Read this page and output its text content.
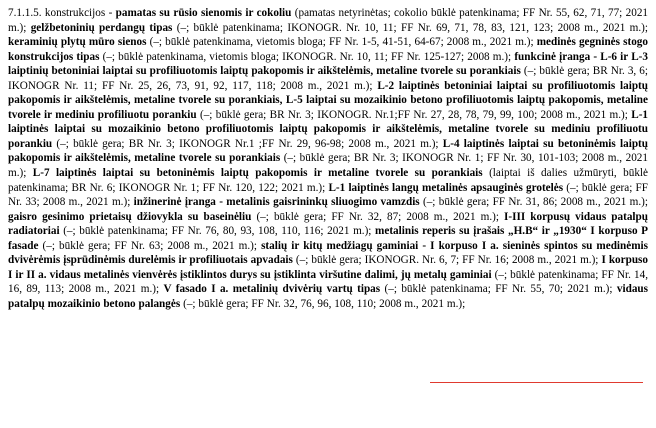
7.1.1.5. konstrukcijos - pamatas su rūsio sienomis ir cokoliu (pamatas netyrinėtas; cokolio būklė patenkinama; FF Nr. 55, 62, 71, 77; 2021 m.); gelžbetoninių perdangų tipas (–; būklė patenkinama; IKONOGR. Nr. 10, 11; FF Nr. 69, 71, 78, 83, 121, 123; 2008 m., 2021 m.); keraminių plytų mūro sienos (–; būklė patenkinama, vietomis bloga; FF Nr. 1-5, 41-51, 64-67; 2008 m., 2021 m.); medinės gegninės stogo konstrukcijos tipas (–; būklė patenkinama, vietomis bloga; IKONOGR. Nr. 10, 11; FF Nr. 125-127; 2008 m.); funkcinė įranga - L-6 ir L-3 laiptinių betoniniai laiptai su profiliuotomis laiptų pakopomis ir aikštelėmis, metaline tvorele su porankiais (–; būklė gera; BR Nr. 3, 6; IKONOGR Nr. 11; FF Nr. 25, 26, 73, 91, 92, 117, 118; 2008 m., 2021 m.); L-2 laiptinės betoniniai laiptai su profiliuotomis laiptų pakopomis ir aikštelėmis, metaline tvorele su porankiais, L-5 laiptai su mozaikinio betono profiliuotomis laiptų pakopomis, metaline tvorele ir mediniu profiliuotu porankiu (–; būklė gera; BR Nr. 3; IKONOGR. Nr.1;FF Nr. 27, 28, 78, 79, 99, 100; 2008 m., 2021 m.); L-1 laiptinės laiptai su mozaikinio betono profiliuotomis laiptų pakopomis ir aikštelėmis, metaline tvorele su mediniu profiliuotu porankiu (–; būklė gera; BR Nr. 3; IKONOGR Nr.1 ;FF Nr. 29, 96-98; 2008 m., 2021 m.); L-4 laiptinės laiptai su betoninėmis laiptų pakopomis ir aikštelėmis, metaline tvorele su porankiais (–; būklė gera; BR Nr. 3; IKONOGR Nr. 1; FF Nr. 30, 101-103; 2008 m., 2021 m.); L-7 laiptinės laiptai su betoninėmis laiptų pakopomis ir metaline tvorele su porankiais (laiptai iš dalies užmūryti, būklė patenkinama; BR Nr. 6; IKONOGR Nr. 1; FF Nr. 120, 122; 2021 m.); L-1 laiptinės langų metalinės apsauginės grotelės (–; būklė gera; FF Nr. 33; 2008 m., 2021 m.); inžinerinė įranga - metalinis gaisrininkų sliuogimo vamzdis (–; būklė gera; FF Nr. 31, 86; 2008 m., 2021 m.); gaisro gesinimo prietaisų džiovykla su baseinėliu (–; būklė gera; FF Nr. 32, 87; 2008 m., 2021 m.); I-III korpusų vidaus patalpų radiatoriai (–; būklė patenkinama; FF Nr. 76, 80, 93, 108, 110, 116; 2021 m.); metalinis reperis su įrašais „H.B“ ir „1930“ I korpuso P fasade (–; būklė gera; FF Nr. 63; 2008 m., 2021 m.); stalių ir kitų medžiagų gaminiai - I korpuso I a. sieninės spintos su medinėmis dvivėrėmis įsprūdinėmis durelėmis ir profiliuotais apvadais (–; būklė gera; IKONOGR. Nr. 6, 7; FF Nr. 16; 2008 m., 2021 m.); I korpuso I ir II a. vidaus metalinės vienvėrės įstiklintos durys su įstiklinta viršutine dalimi, jų metalų gaminiai (–; būklė patenkinama; FF Nr. 14, 16, 89, 113; 2008 m., 2021 m.); V fasado I a. metalinių dvivėrių vartų tipas (–; būklė patenkinama; FF Nr. 55, 70; 2021 m.); vidaus patalpų mozaikinio betono palangės (–; būklė gera; FF Nr. 32, 76, 96, 108, 110; 2008 m., 2021 m.);
